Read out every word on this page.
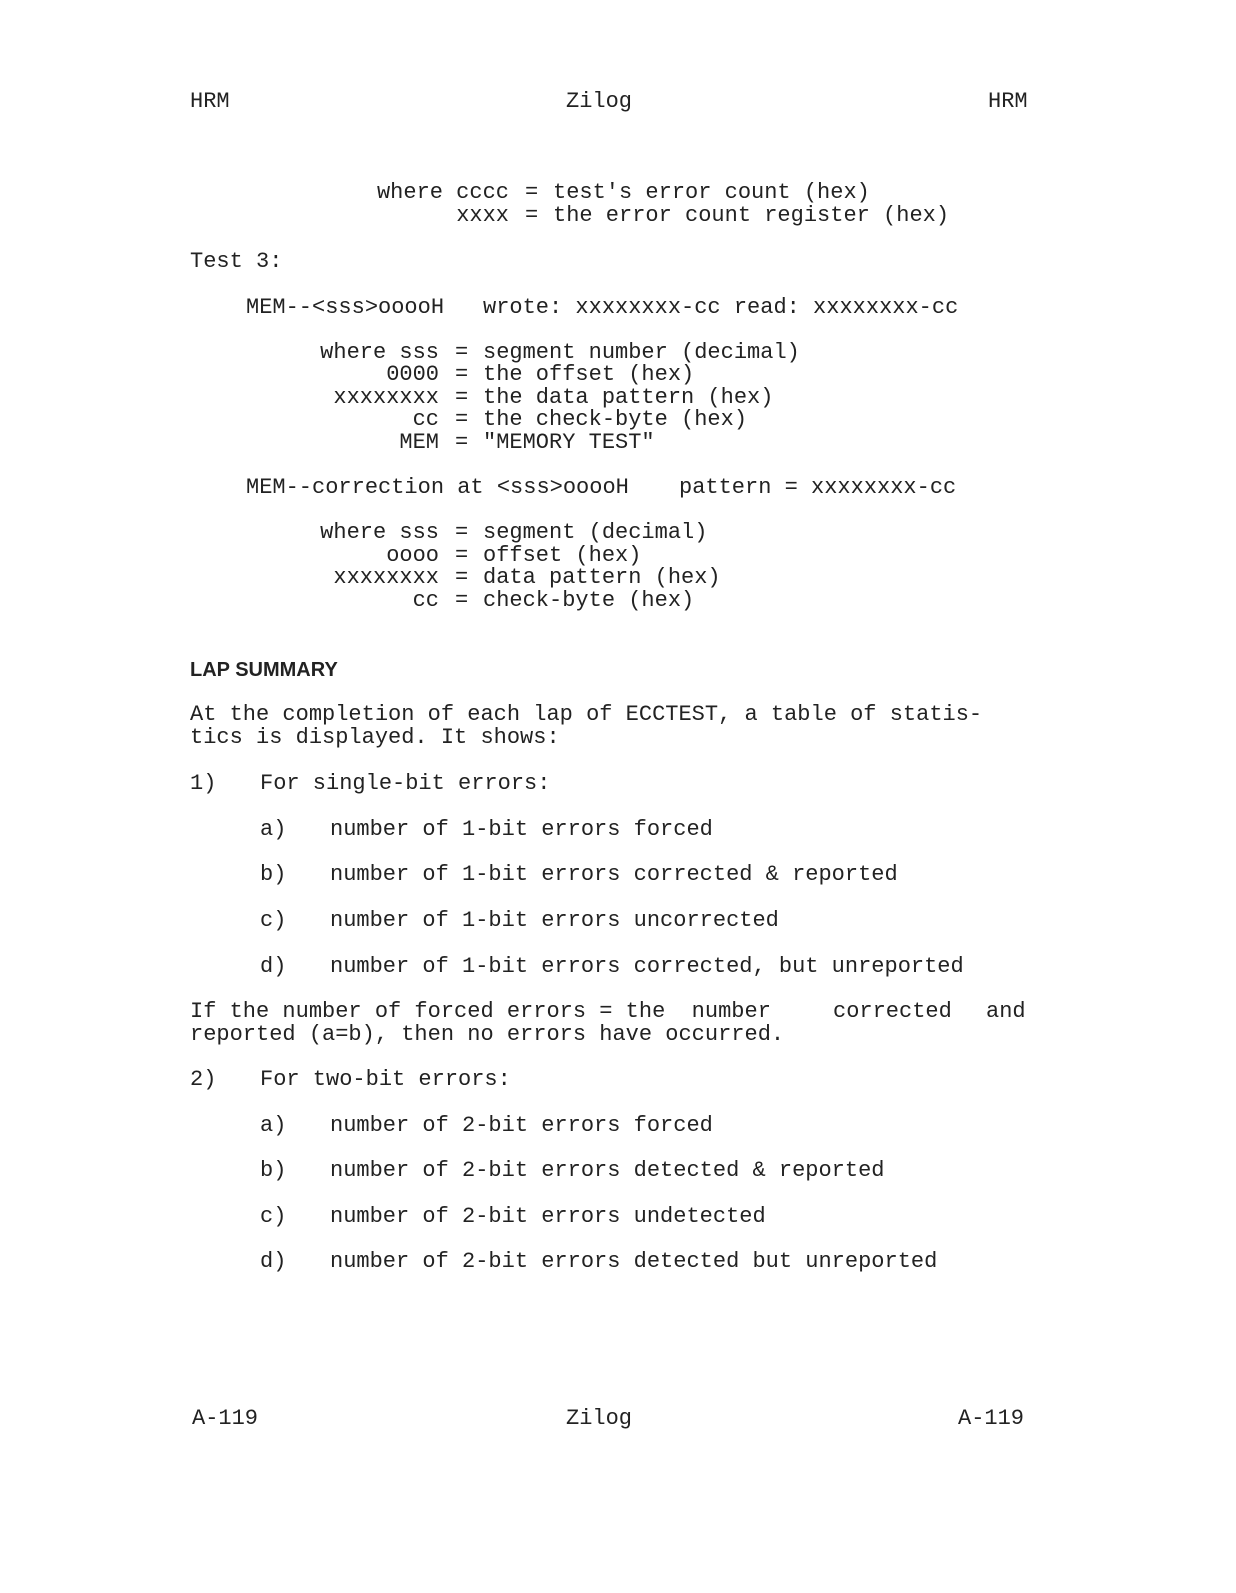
HRM	Zilog	HRM
where cccc = test's error count (hex)
xxxx = the error count register (hex)
Test 3:
MEM--<sss>ooooH wrote: xxxxxxxx-cc read: xxxxxxxx-cc
where sss = segment number (decimal)
0000 = the offset (hex)
xxxxxxxx = the data pattern (hex)
cc = the check-byte (hex)
MEM = "MEMORY TEST"
MEM--correction at <sss>ooooH pattern = xxxxxxxx-cc
where sss = segment (decimal)
oooo = offset (hex)
xxxxxxxx = data pattern (hex)
cc = check-byte (hex)
LAP SUMMARY
At the completion of each lap of ECCTEST, a table of statis-
tics is displayed. It shows:
1) For single-bit errors:
a) number of 1-bit errors forced
b) number of 1-bit errors corrected & reported
c) number of 1-bit errors uncorrected
d) number of 1-bit errors corrected, but unreported
If the number of forced errors = the  number	corrected and
reported (a=b), then no errors have occurred.
2) For two-bit errors:
a) number of 2-bit errors forced
b) number of 2-bit errors detected & reported
c) number of 2-bit errors undetected
d) number of 2-bit errors detected but unreported
A-119	Zilog	A-119
